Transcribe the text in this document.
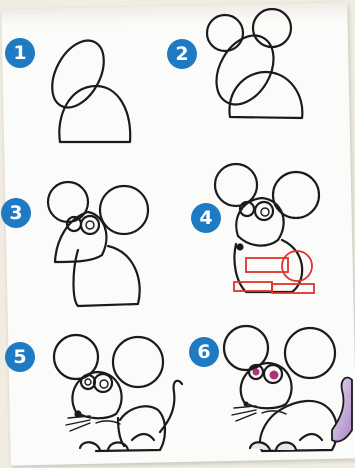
1	2
3	4
5	6
